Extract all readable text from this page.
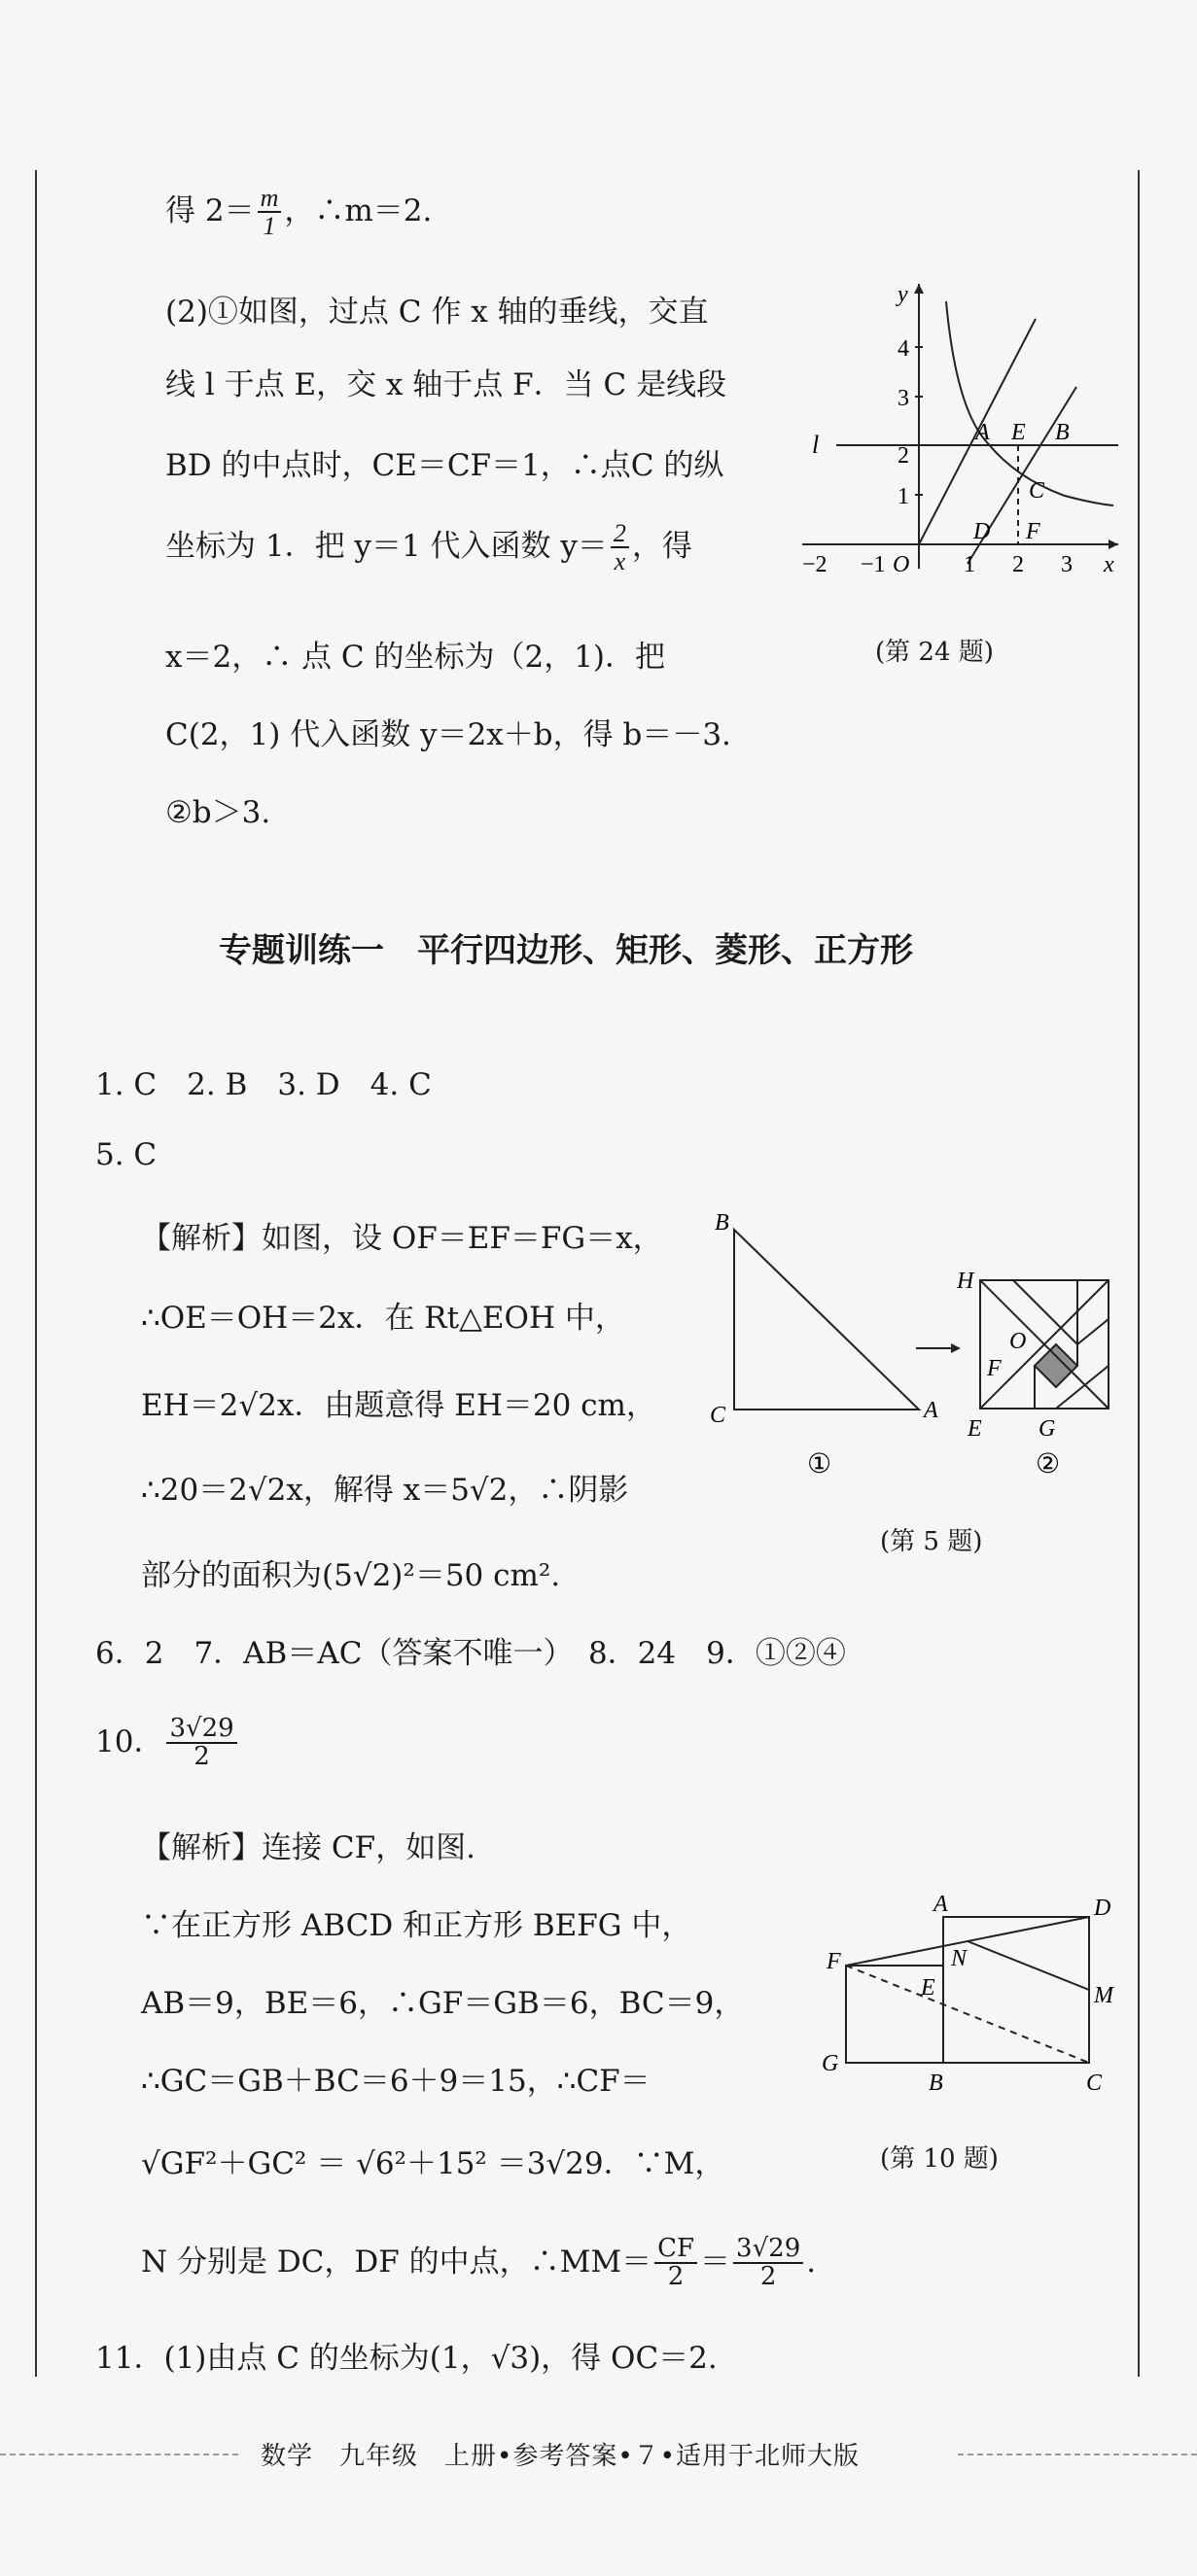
得 $2= \frac{m}{1}$ ，∴m＝2.
(2)①如图，过点 C 作 x 轴的垂线，交直
线 l 于点 E，交 x 轴于点 F．当 C 是线段
BD 的中点时，CE＝CF＝1，∴点C 的纵
坐标为 1．把 y＝1 代入函数 $y= \frac{2}{x}$ ，得
x＝2，∴ 点 C 的坐标为（2，1)．把
C(2，1) 代入函数 y＝2x＋b，得 b＝－3.
②b＞3.
y
x
l
4
3
2
1
−2 −1 O 1 2 3
A E B
C
D F
(第 24 题)
专题训练一　平行四边形、矩形、菱形、正方形
1. C　2. B　3. D　4. C
5. C
【解析】如图，设 OF＝EF＝FG＝x，
∴OE＝OH＝2x．在 Rt△EOH 中，
EH＝2√2x．由题意得 EH＝20 cm，
∴20＝2√2x，解得 x＝5√2，∴阴影
部分的面积为(5√2)²＝50 cm².
B
C	A
①
H
O
F
E G
②
(第 5 题)
6．2　7．AB＝AC（答案不唯一）　8．24　9．①②④
10． $\frac{3√29}{2}$
【解析】连接 CF，如图.
∵在正方形 ABCD 和正方形 BEFG 中，
AB＝9，BE＝6，∴GF＝GB＝6，BC＝9，
∴GC＝GB＋BC＝6＋9＝15，∴CF＝
√GF²＋GC² ＝ √6²＋15² ＝3√29．∵M，
N 分别是 DC，DF 的中点，∴MM＝ $\frac{CF}{2} = \frac{3√29}{2}$ .
11．(1)由点 C 的坐标为(1，√3)，得 OC＝2.
A	D
F	N
E	M
G
B	C
(第 10 题)
数学　九年级　上册•参考答案•７•适用于北师大版
